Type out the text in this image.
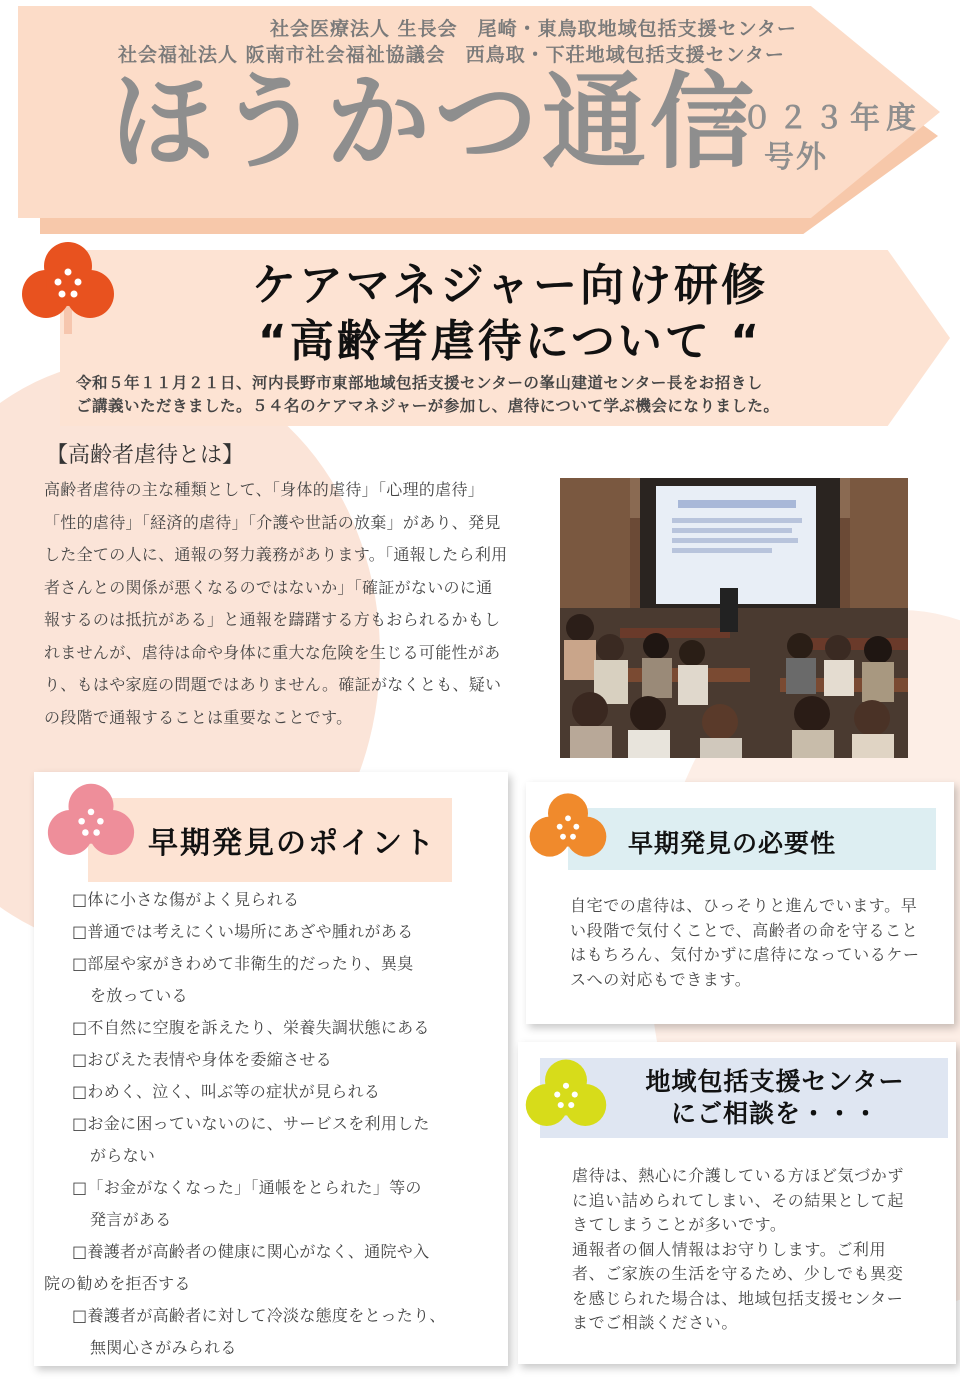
社会医療法人 生長会　尾崎・東鳥取地域包括支援センター
社会福祉法人 阪南市社会福祉協議会　西鳥取・下荘地域包括支援センター
ほうかつ通信
２０２３年度
号外
ケアマネジャー向け研修
“高齢者虐待について “
令和５年１１月２１日、河内長野市東部地域包括支援センターの峯山建道センター長をお招きし
ご講義いただきました。５４名のケアマネジャーが参加し、虐待について学ぶ機会になりました。
【高齢者虐待とは】
高齢者虐待の主な種類として、「身体的虐待」「心理的虐待」「性的虐待」「経済的虐待」「介護や世話の放棄」があり、発見した全ての人に、通報の努力義務があります。「通報したら利用者さんとの関係が悪くなるのではないか」「確証がないのに通報するのは抵抗がある」と通報を躊躇する方もおられるかもしれませんが、虐待は命や身体に重大な危険を生じる可能性があり、もはや家庭の問題ではありません。確証がなくとも、疑いの段階で通報することは重要なことです。
早期発見のポイント
□体に小さな傷がよく見られる
□普通では考えにくい場所にあざや腫れがある
□部屋や家がきわめて非衛生的だったり、異臭
を放っている
□不自然に空腹を訴えたり、栄養失調状態にある
□おびえた表情や身体を委縮させる
□わめく、泣く、叫ぶ等の症状が見られる
□お金に困っていないのに、サービスを利用した
がらない
□「お金がなくなった」「通帳をとられた」等の
発言がある
□養護者が高齢者の健康に関心がなく、通院や入
院の勧めを拒否する
□養護者が高齢者に対して冷淡な態度をとったり、
無関心さがみられる
早期発見の必要性
自宅での虐待は、ひっそりと進んでいます。早い段階で気付くことで、高齢者の命を守ることはもちろん、気付かずに虐待になっているケースへの対応もできます。
地域包括支援センター
にご相談を・・・
虐待は、熱心に介護している方ほど気づかずに追い詰められてしまい、その結果として起きてしまうことが多いです。
通報者の個人情報はお守りします。ご利用者、ご家族の生活を守るため、少しでも異変を感じられた場合は、地域包括支援センターまでご相談ください。
